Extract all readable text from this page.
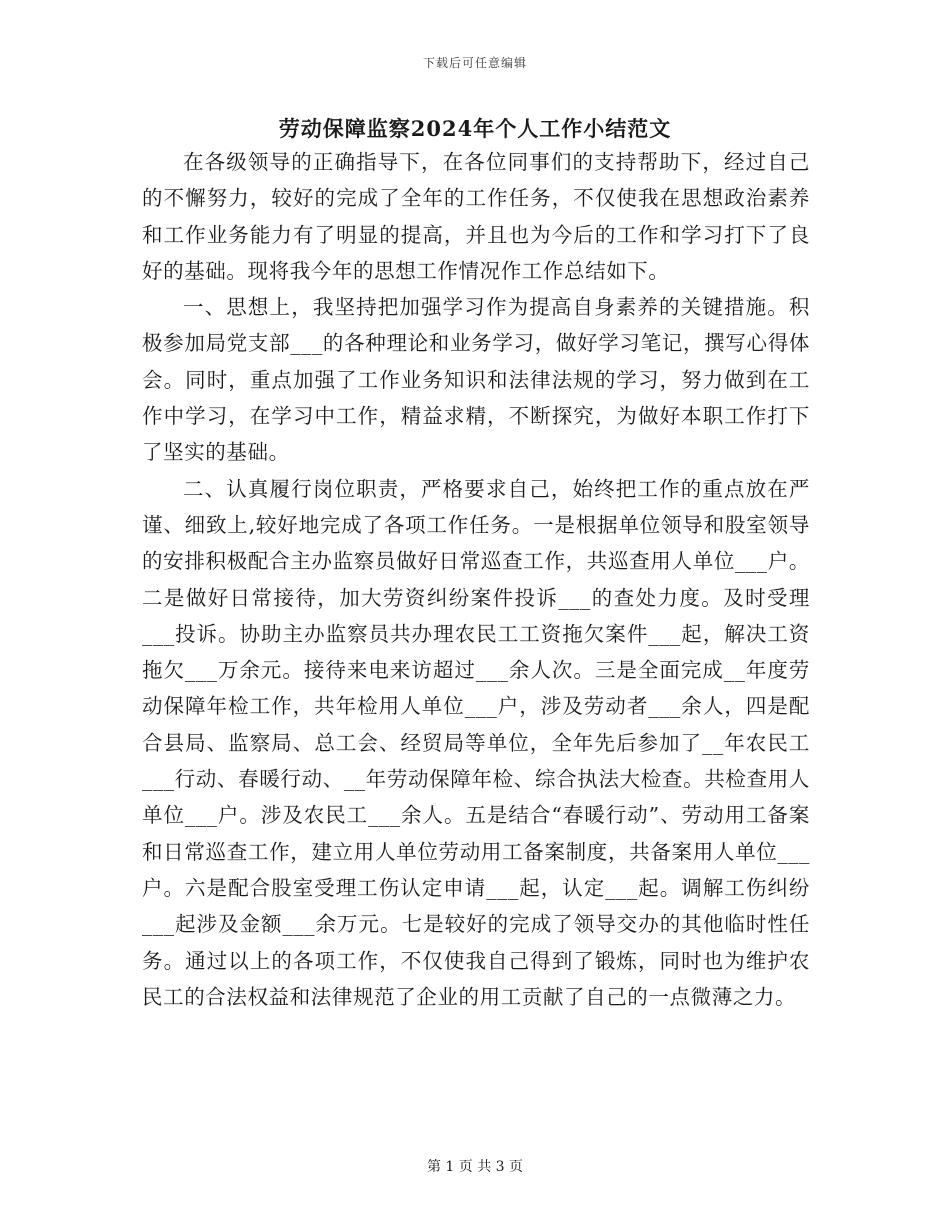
下载后可任意编辑
劳动保障监察2024年个人工作小结范文

在各级领导的正确指导下，在各位同事们的支持帮助下，经过自己的不懈努力，较好的完成了全年的工作任务，不仅使我在思想政治素养和工作业务能力有了明显的提高，并且也为今后的工作和学习打下了良好的基础。现将我今年的思想工作情况作工作总结如下。

一、思想上，我坚持把加强学习作为提高自身素养的关键措施。积极参加局党支部___的各种理论和业务学习，做好学习笔记，撰写心得体会。同时，重点加强了工作业务知识和法律法规的学习，努力做到在工作中学习，在学习中工作，精益求精，不断探究，为做好本职工作打下了坚实的基础。

二、认真履行岗位职责，严格要求自己，始终把工作的重点放在严谨、细致上,较好地完成了各项工作任务。一是根据单位领导和股室领导的安排积极配合主办监察员做好日常巡查工作，共巡查用人单位___户。二是做好日常接待，加大劳资纠纷案件投诉___的查处力度。及时受理___投诉。协助主办监察员共办理农民工工资拖欠案件___起，解决工资拖欠___万余元。接待来电来访超过___余人次。三是全面完成__年度劳动保障年检工作，共年检用人单位___户，涉及劳动者___余人，四是配合县局、监察局、总工会、经贸局等单位，全年先后参加了__年农民工___行动、春暖行动、__年劳动保障年检、综合执法大检查。共检查用人单位___户。涉及农民工___余人。五是结合“春暖行动”、劳动用工备案和日常巡查工作，建立用人单位劳动用工备案制度，共备案用人单位___户。六是配合股室受理工伤认定申请___起，认定___起。调解工伤纠纷___起涉及金额___余万元。七是较好的完成了领导交办的其他临时性任务。通过以上的各项工作，不仅使我自己得到了锻炼，同时也为维护农民工的合法权益和法律规范了企业的用工贡献了自己的一点微薄之力。

第 1 页 共 3 页
